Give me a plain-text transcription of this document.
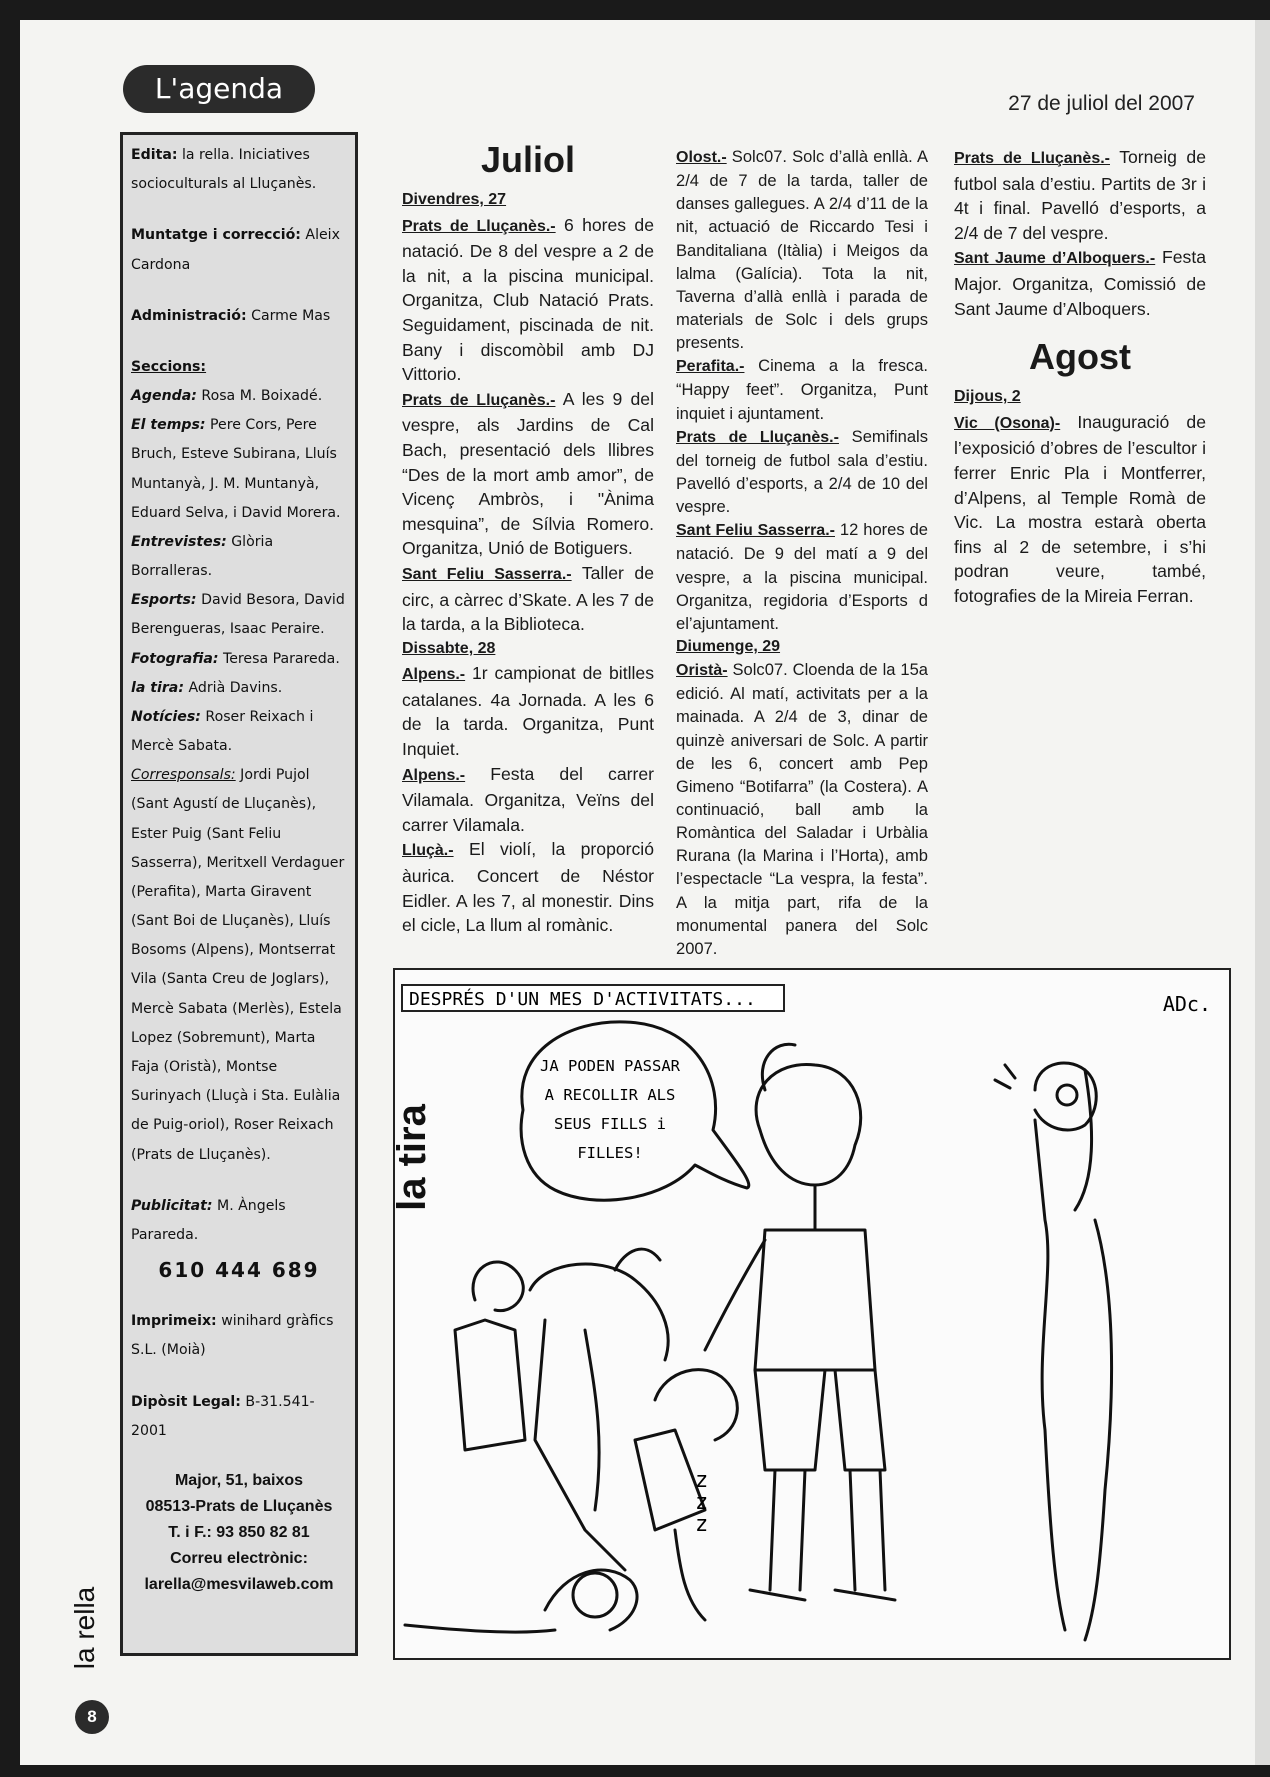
L'agenda	27 de juliol del 2007

Edita: la rella. Iniciatives socioculturals al Lluçanès.

Muntatge i correcció: Aleix Cardona

Administració: Carme Mas

Seccions:
Agenda: Rosa M. Boixadé.
El temps: Pere Cors, Pere Bruch, Esteve Subirana, Lluís Muntanyà, J. M. Muntanyà, Eduard Selva, i David Morera.
Entrevistes: Glòria Borralleras.
Esports: David Besora, David Berengueras, Isaac Peraire.
Fotografia: Teresa Parareda.
la tira: Adrià Davins.
Notícies: Roser Reixach i Mercè Sabata.
Corresponsals: Jordi Pujol (Sant Agustí de Lluçanès), Ester Puig (Sant Feliu Sasserra), Meritxell Verdaguer (Perafita), Marta Giravent (Sant Boi de Lluçanès), Lluís Bosoms (Alpens), Montserrat Vila (Santa Creu de Joglars), Mercè Sabata (Merlès), Estela Lopez (Sobremunt), Marta Faja (Oristà), Montse Surinyach (Lluçà i Sta. Eulàlia de Puig-oriol), Roser Reixach (Prats de Lluçanès).

Publicitat: M. Àngels Parareda.

610 444 689

Imprimeix: winihard gràfics S.L. (Moià)

Dipòsit Legal: B-31.541-2001

Major, 51, baixos
08513-Prats de Lluçanès
T. i F.: 93 850 82 81
Correu electrònic:
larella@mesvilaweb.com
la rella
8

Juliol

Divendres, 27

Prats de Lluçanès.- 6 hores de natació. De 8 del vespre a 2 de la nit, a la piscina municipal. Organitza, Club Natació Prats. Seguidament, piscinada de nit. Bany i discomòbil amb DJ Vittorio.

Prats de Lluçanès.- A les 9 del vespre, als Jardins de Cal Bach, presentació dels llibres “Des de la mort amb amor”, de Vicenç Ambròs, i "Ànima mesquina”, de Sílvia Romero. Organitza, Unió de Botiguers.

Sant Feliu Sasserra.- Taller de circ, a càrrec d’Skate. A les 7 de la tarda, a la Biblioteca.

Dissabte, 28

Alpens.- 1r campionat de bitlles catalanes. 4a Jornada. A les 6 de la tarda. Organitza, Punt Inquiet.

Alpens.- Festa del carrer Vilamala. Organitza, Veïns del carrer Vilamala.

Lluçà.- El violí, la proporció àurica. Concert de Néstor Eidler. A les 7, al monestir. Dins el cicle, La llum al romànic.

Olost.- Solc07. Solc d’allà enllà. A 2/4 de 7 de la tarda, taller de danses gallegues. A 2/4 d’11 de la nit, actuació de Riccardo Tesi i Banditaliana (Itàlia) i Meigos da lalma (Galícia). Tota la nit, Taverna d’allà enllà i parada de materials de Solc i dels grups presents.

Perafita.- Cinema a la fresca. “Happy feet”. Organitza, Punt inquiet i ajuntament.

Prats de Lluçanès.- Semifinals del torneig de futbol sala d’estiu. Pavelló d’esports, a 2/4 de 10 del vespre.

Sant Feliu Sasserra.- 12 hores de natació. De 9 del matí a 9 del vespre, a la piscina municipal. Organitza, regidoria d’Esports d el’ajuntament.

Diumenge, 29

Oristà- Solc07. Cloenda de la 15a edició. Al matí, activitats per a la mainada. A 2/4 de 3, dinar de quinzè aniversari de Solc. A partir de les 6, concert amb Pep Gimeno “Botifarra” (la Costera). A continuació, ball amb la Romàntica del Saladar i Urbàlia Rurana (la Marina i l’Horta), amb l’espectacle “La vespra, la festa”. A la mitja part, rifa de la monumental panera del Solc 2007.

Prats de Lluçanès.- Torneig de futbol sala d’estiu. Partits de 3r i 4t i final. Pavelló d’esports, a 2/4 de 7 del vespre.

Sant Jaume d’Alboquers.- Festa Major. Organitza, Comissió de Sant Jaume d’Alboquers.

Agost

Dijous, 2

Vic (Osona)- Inauguració de l’exposició d’obres de l’escultor i ferrer Enric Pla i Montferrer, d’Alpens, al Temple Romà de Vic. La mostra estarà oberta fins al 2 de setembre, i s’hi podran veure, també, fotografies de la Mireia Ferran.

DESPRÉS D'UN MES D'ACTIVITATS...	ADc.
la tira
JA PODEN PASSAR A RECOLLIR ALS SEUS FILLS i FILLES!
z z z
